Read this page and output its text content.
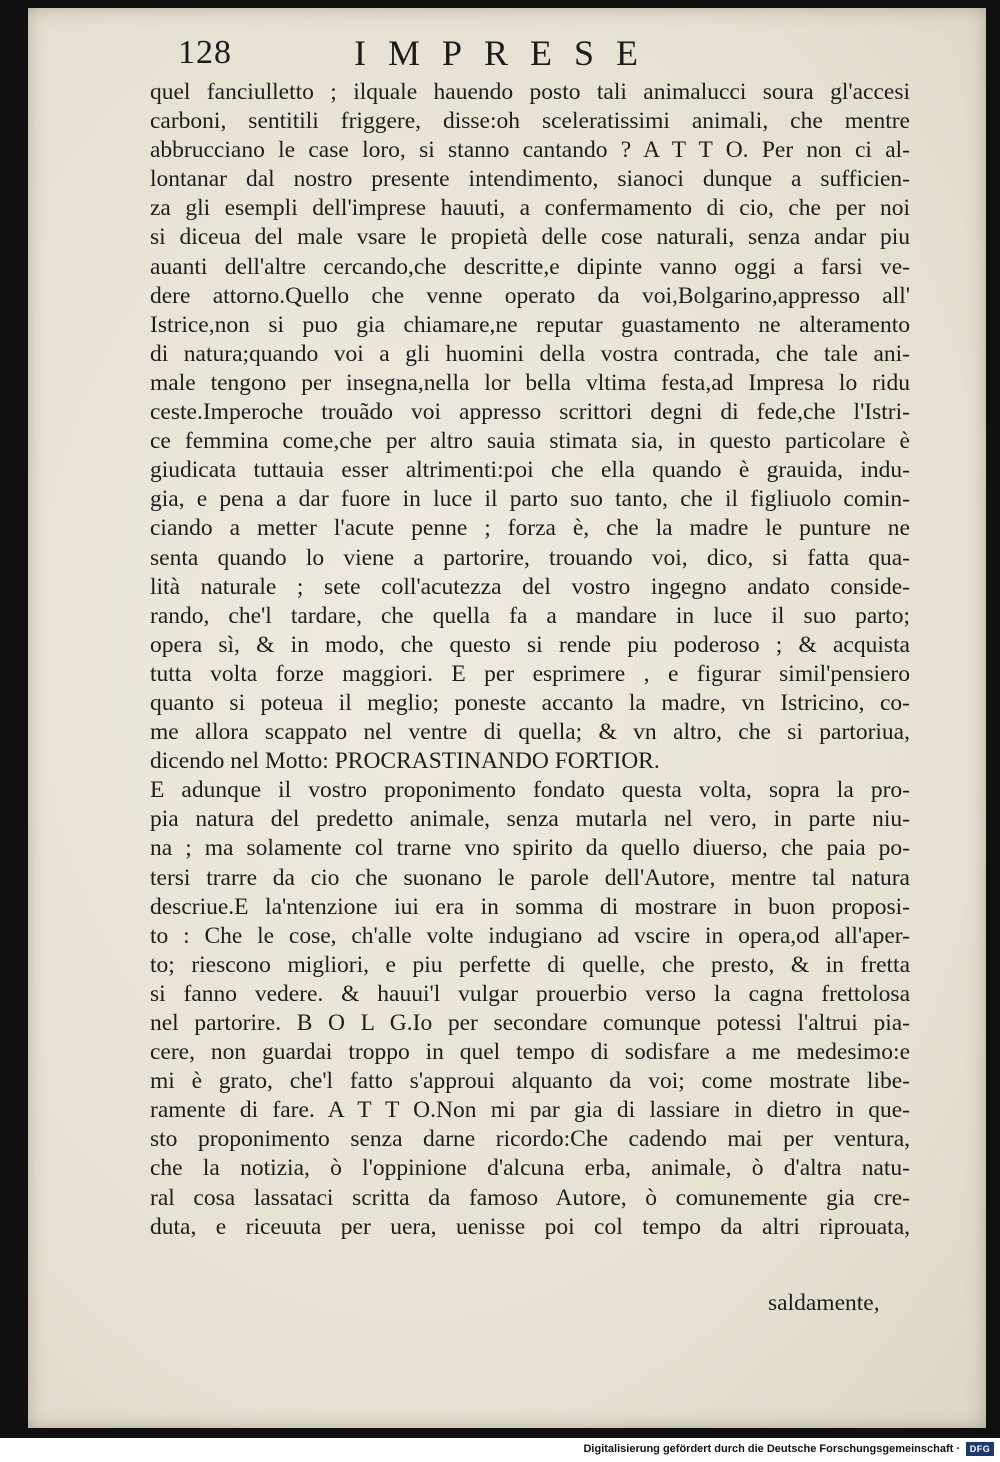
128	IMPRESE
quel fanciulletto ; ilquale hauendo posto tali animalucci soura gl'accesi
carboni, sentitili friggere, disse:oh sceleratissimi animali, che mentre
abbrucciano le case loro, si stanno cantando ? A T T O. Per non ci al-
lontanar dal nostro presente intendimento, sianoci dunque a sufficien-
za gli esempli dell'imprese hauuti, a confermamento di cio, che per noi
si diceua del male vsare le propietà delle cose naturali, senza andar piu
auanti dell'altre cercando,che descritte,e dipinte vanno oggi a farsi ve-
dere attorno.Quello che venne operato da voi,Bolgarino,appresso all'
Istrice,non si puo gia chiamare,ne reputar guastamento ne alteramento
di natura;quando voi a gli huomini della vostra contrada, che tale ani-
male tengono per insegna,nella lor bella vltima festa,ad Impresa lo ridu
ceste.Imperoche trouãdo voi appresso scrittori degni di fede,che l'Istri-
ce femmina come,che per altro sauia stimata sia, in questo particolare è
giudicata tuttauia esser altrimenti:poi che ella quando è grauida, indu-
gia, e pena a dar fuore in luce il parto suo tanto, che il figliuolo comin-
ciando a metter l'acute penne ; forza è, che la madre le punture ne
senta quando lo viene a partorire, trouando voi, dico, si fatta qua-
lità naturale ; sete coll'acutezza del vostro ingegno andato conside-
rando, che'l tardare, che quella fa a mandare in luce il suo parto;
opera sì, & in modo, che questo si rende piu poderoso ; & acquista
tutta volta forze maggiori. E per esprimere , e figurar simil'pensiero
quanto si poteua il meglio; poneste accanto la madre, vn Istricino, co-
me allora scappato nel ventre di quella; & vn altro, che si partoriua,
dicendo nel Motto: PROCRASTINANDO FORTIOR.
E adunque il vostro proponimento fondato questa volta, sopra la pro-
pia natura del predetto animale, senza mutarla nel vero, in parte niu-
na ; ma solamente col trarne vno spirito da quello diuerso, che paia po-
tersi trarre da cio che suonano le parole dell'Autore, mentre tal natura
descriue.E la'ntenzione iui era in somma di mostrare in buon proposi-
to : Che le cose, ch'alle volte indugiano ad vscire in opera,od all'aper-
to; riescono migliori, e piu perfette di quelle, che presto, & in fretta
si fanno vedere. & hauui'l vulgar prouerbio verso la cagna frettolosa
nel partorire. B O L G.Io per secondare comunque potessi l'altrui pia-
cere, non guardai troppo in quel tempo di sodisfare a me medesimo:e
mi è grato, che'l fatto s'approui alquanto da voi; come mostrate libe-
ramente di fare. A T T O.Non mi par gia di lassiare in dietro in que-
sto proponimento senza darne ricordo:Che cadendo mai per ventura,
che la notizia, ò l'oppinione d'alcuna erba, animale, ò d'altra natu-
ral cosa lassataci scritta da famoso Autore, ò comunemente gia cre-
duta, e riceuuta per uera, uenisse poi col tempo da altri riprouata,
saldamente,
Digitalisierung gefördert durch die Deutsche Forschungsgemeinschaft ·	DFG
